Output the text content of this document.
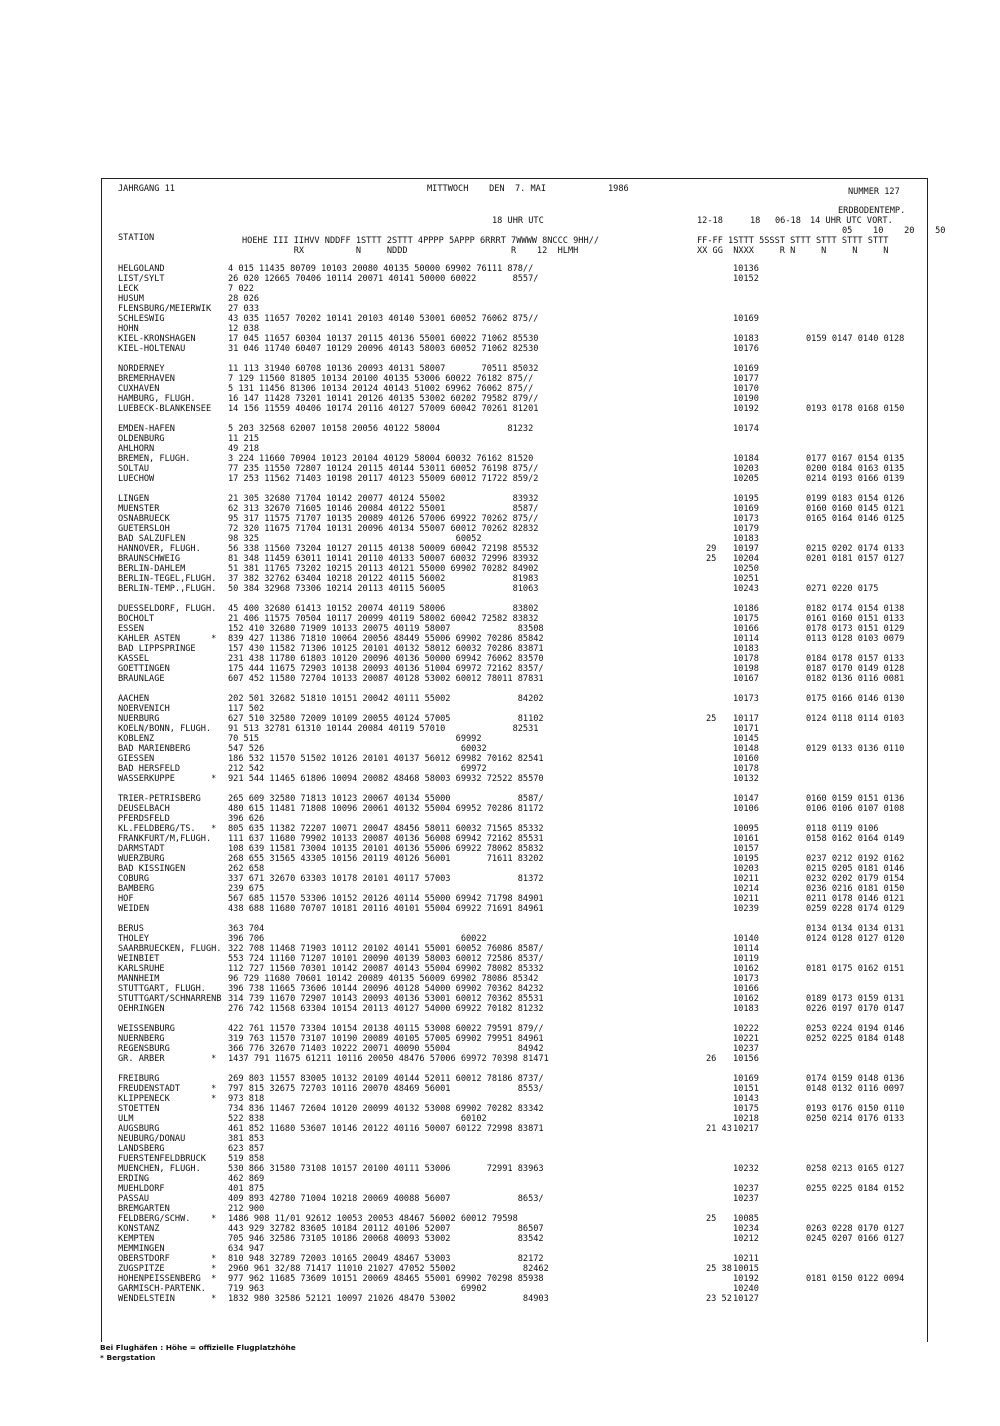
JAHRGANG 11	MITTWOCH    DEN  7. MAI	1986	NUMMER 127
18 UHR UTC	12-18	18 06-18
ERDBODENTEMP.
14 UHR UTC VORT.
05    10    20    50
STATION	HOEHE III IIHVV NDDFF 1STTT 2STTT 4PPPP 5APPP 6RRRT 7WWWW 8NCCC 9HH//
RX          N     NDDD                    R    12  HLMH
FF-FF 1STTT 5SSST STTT STTT STTT STTT
XX GG  NXXX     R N     N     N     N
HELGOLAND	4 015 11435 80709 10103 20080 40135 50000 69902 76111 878//	10136
LIST/SYLT	26 020 12665 70406 10114 20071 40141 50000 60022       8557/	10152
LECK	7 022
HUSUM	28 026
FLENSBURG/MEIERWIK 27 033
SCHLESWIG	43 035 11657 70202 10141 20103 40140 53001 60052 76062 875//	10169
HOHN	12 038
KIEL-KRONSHAGEN	17 045 11657 60304 10137 20115 40136 55001 60022 71062 85530	10183	0159 0147 0140 0128
KIEL-HOLTENAU	31 046 11740 60407 10129 20096 40143 58003 60052 71062 82530	10176
NORDERNEY	11 113 31940 60708 10136 20093 40131 58007       70511 85032	10169
BREMERHAVEN	7 129 11560 81805 10134 20100 40135 53006 60022 76182 875//	10177
CUXHAVEN	5 131 11456 81306 10134 20124 40143 51002 69962 76062 875//	10170
HAMBURG, FLUGH.	16 147 11428 73201 10141 20126 40135 53002 60202 79582 879//	10190
LUEBECK-BLANKENSEE 14 156 11559 40406 10174 20116 40127 57009 60042 70261 81201	10192	0193 0178 0168 0150
EMDEN-HAFEN	5 203 32568 62007 10158 20056 40122 58004             81232	10174
OLDENBURG	11 215
AHLHORN	49 218
BREMEN, FLUGH.	3 224 11660 70904 10123 20104 40129 58004 60032 76162 81520	10184	0177 0167 0154 0135
SOLTAU	77 235 11550 72807 10124 20115 40144 53011 60052 76198 875//	10203	0200 0184 0163 0135
LUECHOW	17 253 11562 71403 10198 20117 40123 55009 60012 71722 859/2	10205	0214 0193 0166 0139
LINGEN	21 305 32680 71704 10142 20077 40124 55002             83932	10195	0199 0183 0154 0126
MUENSTER	62 313 32670 71605 10146 20084 40122 55001             8587/	10169	0160 0160 0145 0121
OSNABRUECK	95 317 11575 71707 10135 20089 40126 57006 69922 70262 875//	10173	0165 0164 0146 0125
GUETERSLOH	72 320 11675 71704 10131 20096 40134 55007 60012 70262 82832	10179
BAD SALZUFLEN	98 325                                      60052	10183
HANNOVER, FLUGH.	56 338 11560 73204 10127 20115 40138 50009 60042 72198 85532	29 10197	0215 0202 0174 0133
BRAUNSCHWEIG	81 348 11459 63011 10141 20110 40133 50007 60032 72996 83932	25 10204	0201 0181 0157 0127
BERLIN-DAHLEM	51 381 11765 73202 10215 20113 40121 55000 69902 70282 84902	10250
BERLIN-TEGEL,FLUGH. 37 382 32762 63404 10218 20122 40115 56002             81983	10251
BERLIN-TEMP.,FLUGH. 50 384 32968 73306 10214 20113 40115 56005             81063	10243	0271 0220 0175
DUESSELDORF, FLUGH. 45 400 32680 61413 10152 20074 40119 58006             83802	10186	0182 0174 0154 0138
BOCHOLT	21 406 11575 70504 10117 20099 40119 58002 60042 72582 83832	10175	0161 0160 0151 0133
ESSEN	152 410 32680 71909 10133 20075 40119 58007             83508	10166	0178 0173 0151 0129
KAHLER ASTEN      * 839 427 11386 71810 10064 20056 48449 55006 69902 70286 85842	10114	0113 0128 0103 0079
BAD LIPPSPRINGE	157 430 11582 71306 10125 20101 40132 58012 60032 70286 83871	10183
KASSEL	231 438 11780 61803 10120 20096 40136 50000 69942 76062 83570	10178	0184 0178 0157 0133
GOETTINGEN	175 444 11675 72903 10138 20093 40136 51004 69972 72162 8357/	10198	0187 0170 0149 0128
BRAUNLAGE	607 452 11580 72704 10133 20087 40128 53002 60012 78011 87831	10167	0182 0136 0116 0081
AACHEN	202 501 32682 51810 10151 20042 40111 55002             84202	10173	0175 0166 0146 0130
NOERVENICH	117 502
NUERBURG	627 510 32580 72009 10109 20055 40124 57005             81102	25 10117	0124 0118 0114 0103
KOELN/BONN, FLUGH. 91 513 32781 61310 10144 20084 40119 57010             82531	10171
KOBLENZ	70 515                                      69992	10145
BAD MARIENBERG	547 526                                      60032	10148	0129 0133 0136 0110
GIESSEN	186 532 11570 51502 10126 20101 40137 56012 69982 70162 82541	10160
BAD HERSFELD	212 542                                      69972	10178
WASSERKUPPE       * 921 544 11465 61806 10094 20082 48468 58003 69932 72522 85570	10132
TRIER-PETRISBERG	265 609 32580 71813 10123 20067 40134 55000             8587/	10147	0160 0159 0151 0136
DEUSELBACH	480 615 11481 71808 10096 20061 40132 55004 69952 70286 81172	10106	0106 0106 0107 0108
PFERDSFELD	396 626
KL.FELDBERG/TS.   * 805 635 11382 72207 10071 20047 48456 58011 60032 71565 85332	10095	0118 0119 0106
FRANKFURT/M,FLUGH. 111 637 11680 79902 10133 20087 40136 56008 69942 72162 85531	10161	0158 0162 0164 0149
DARMSTADT	108 639 11581 73004 10135 20101 40136 55006 69922 78062 85832	10157
WUERZBURG	268 655 31565 43305 10156 20119 40126 56001       71611 83202	10195	0237 0212 0192 0162
BAD KISSINGEN	262 658	10203	0215 0205 0181 0146
COBURG	337 671 32670 63303 10178 20101 40117 57003             81372	10211	0232 0202 0179 0154
BAMBERG	239 675	10214	0236 0216 0181 0150
HOF	567 685 11570 53306 10152 20126 40114 55000 69942 71798 84901	10211	0211 0178 0146 0121
WEIDEN	438 688 11680 70707 10181 20116 40101 55004 69922 71691 84961	10239	0259 0228 0174 0129
BERUS	363 704	0134 0134 0134 0131
THOLEY	396 706                                      60022	10140	0124 0128 0127 0120
SAARBRUECKEN, FLUGH. 322 708 11468 71903 10112 20102 40141 55001 60052 76086 8587/	10114
WEINBIET	553 724 11160 71207 10101 20090 40139 58003 60012 72586 8537/	10119
KARLSRUHE	112 727 11560 70301 10142 20087 40143 55004 69902 78082 85332	10162	0181 0175 0162 0151
MANNHEIM	96 729 11680 70601 10142 20089 40135 56009 69902 78086 85342	10173
STUTTGART, FLUGH.	396 738 11665 73606 10144 20096 40128 54000 69902 70362 84232	10166
STUTTGART/SCHNARRENB 314 739 11670 72907 10143 20093 40136 53001 60012 70362 85531	10162	0189 0173 0159 0131
OEHRINGEN	276 742 11568 63304 10154 20113 40127 54000 69922 70182 81232	10183	0226 0197 0170 0147
WEISSENBURG	422 761 11570 73304 10154 20138 40115 53008 60022 79591 879//	10222	0253 0224 0194 0146
NUERNBERG	319 763 11570 73107 10190 20089 40105 57005 69902 79951 84961	10221	0252 0225 0184 0148
REGENSBURG	366 776 32670 71403 10222 20071 40090 55004             84942	10237
GR. ARBER         * 1437 791 11675 61211 10116 20050 48476 57006 69972 70398 81471	26 10156
FREIBURG	269 803 11557 83005 10132 20109 40144 52011 60012 78186 8737/	10169	0174 0159 0148 0136
FREUDENSTADT      * 797 815 32675 72703 10116 20070 48469 56001             8553/	10151	0148 0132 0116 0097
KLIPPENECK        * 973 818	10143
STOETTEN	734 836 11467 72604 10120 20099 40132 53008 69902 70282 83342	10175	0193 0176 0150 0110
ULM	522 838                                      60102	10218	0250 0214 0176 0133
AUGSBURG	461 852 11680 53607 10146 20122 40116 50007 60122 72998 83871	21 43 10217
NEUBURG/DONAU	381 853
LANDSBERG	623 857
FUERSTENFELDBRUCK	519 858
MUENCHEN, FLUGH.	530 866 31580 73108 10157 20100 40111 53006       72991 83963	10232	0258 0213 0165 0127
ERDING	462 869
MUEHLDORF	401 875	10237	0255 0225 0184 0152
PASSAU	409 893 42780 71004 10218 20069 40088 56007             8653/	10237
BREMGARTEN	212 900
FELDBERG/SCHW.    * 1486 908 11/01 92612 10053 20053 48467 56002 60012 79598	25 10085
KONSTANZ	443 929 32782 83605 10184 20112 40106 52007             86507	10234	0263 0228 0170 0127
KEMPTEN	705 946 32586 73105 10186 20068 40093 53002             83542	10212	0245 0207 0166 0127
MEMMINGEN	634 947
OBERSTDORF        * 810 948 32789 72003 10165 20049 48467 53003             82172	10211
ZUGSPITZE         * 2960 961 32/88 71417 11010 21027 47052 55002             82462	25 38 10015
HOHENPEISSENBERG  * 977 962 11685 73609 10151 20069 48465 55001 69902 70298 85938	10192	0181 0150 0122 0094
GARMISCH-PARTENK.	719 963                                      69902	10240
WENDELSTEIN       * 1832 980 32586 52121 10097 21026 48470 53002             84903	23 52 10127
Bei Flughäfen : Höhe = offizielle Flugplatzhöhe
* Bergstation
